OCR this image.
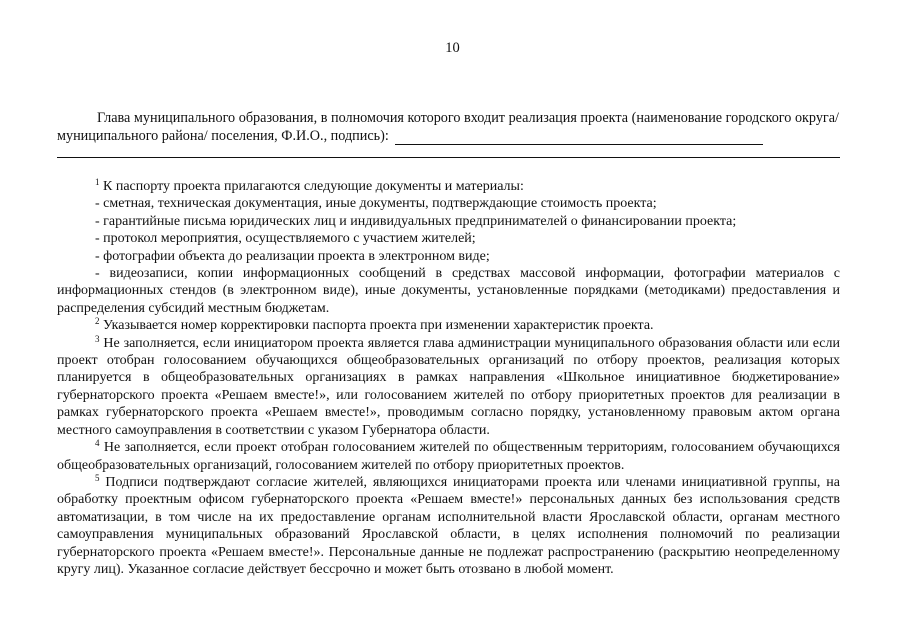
10

Глава муниципального образования, в полномочия которого входит реализация проекта (наименование городского округа/ муниципального района/ поселения, Ф.И.О., подпись):

$^1$ К паспорту проекта прилагаются следующие документы и материалы:

- сметная, техническая документация, иные документы, подтверждающие стоимость проекта;

- гарантийные письма юридических лиц и индивидуальных предпринимателей о финансировании проекта;

- протокол мероприятия, осуществляемого с участием жителей;

- фотографии объекта до реализации проекта в электронном виде;

- видеозаписи, копии информационных сообщений в средствах массовой информации, фотографии материалов с информационных стендов (в электронном виде), иные документы, установленные порядками (методиками) предоставления и распределения субсидий местным бюджетам.

$^2$ Указывается номер корректировки паспорта проекта при изменении характеристик проекта.

$^3$ Не заполняется, если инициатором проекта является глава администрации муниципального образования области или если проект отобран голосованием обучающихся общеобразовательных организаций по отбору проектов, реализация которых планируется в общеобразовательных организациях в рамках направления «Школьное инициативное бюджетирование» губернаторского проекта «Решаем вместе!», или голосованием жителей по отбору приоритетных проектов для реализации в рамках губернаторского проекта «Решаем вместе!», проводимым согласно порядку, установленному правовым актом органа местного самоуправления в соответствии с указом Губернатора области.

$^4$ Не заполняется, если проект отобран голосованием жителей по общественным территориям, голосованием обучающихся общеобразовательных организаций, голосованием жителей по отбору приоритетных проектов.

$^5$ Подписи подтверждают согласие жителей, являющихся инициаторами проекта или членами инициативной группы, на обработку проектным офисом губернаторского проекта «Решаем вместе!» персональных данных без использования средств автоматизации, в том числе на их предоставление органам исполнительной власти Ярославской области, органам местного самоуправления муниципальных образований Ярославской области, в целях исполнения полномочий по реализации губернаторского проекта «Решаем вместе!». Персональные данные не подлежат распространению (раскрытию неопределенному кругу лиц). Указанное согласие действует бессрочно и может быть отозвано в любой момент.
